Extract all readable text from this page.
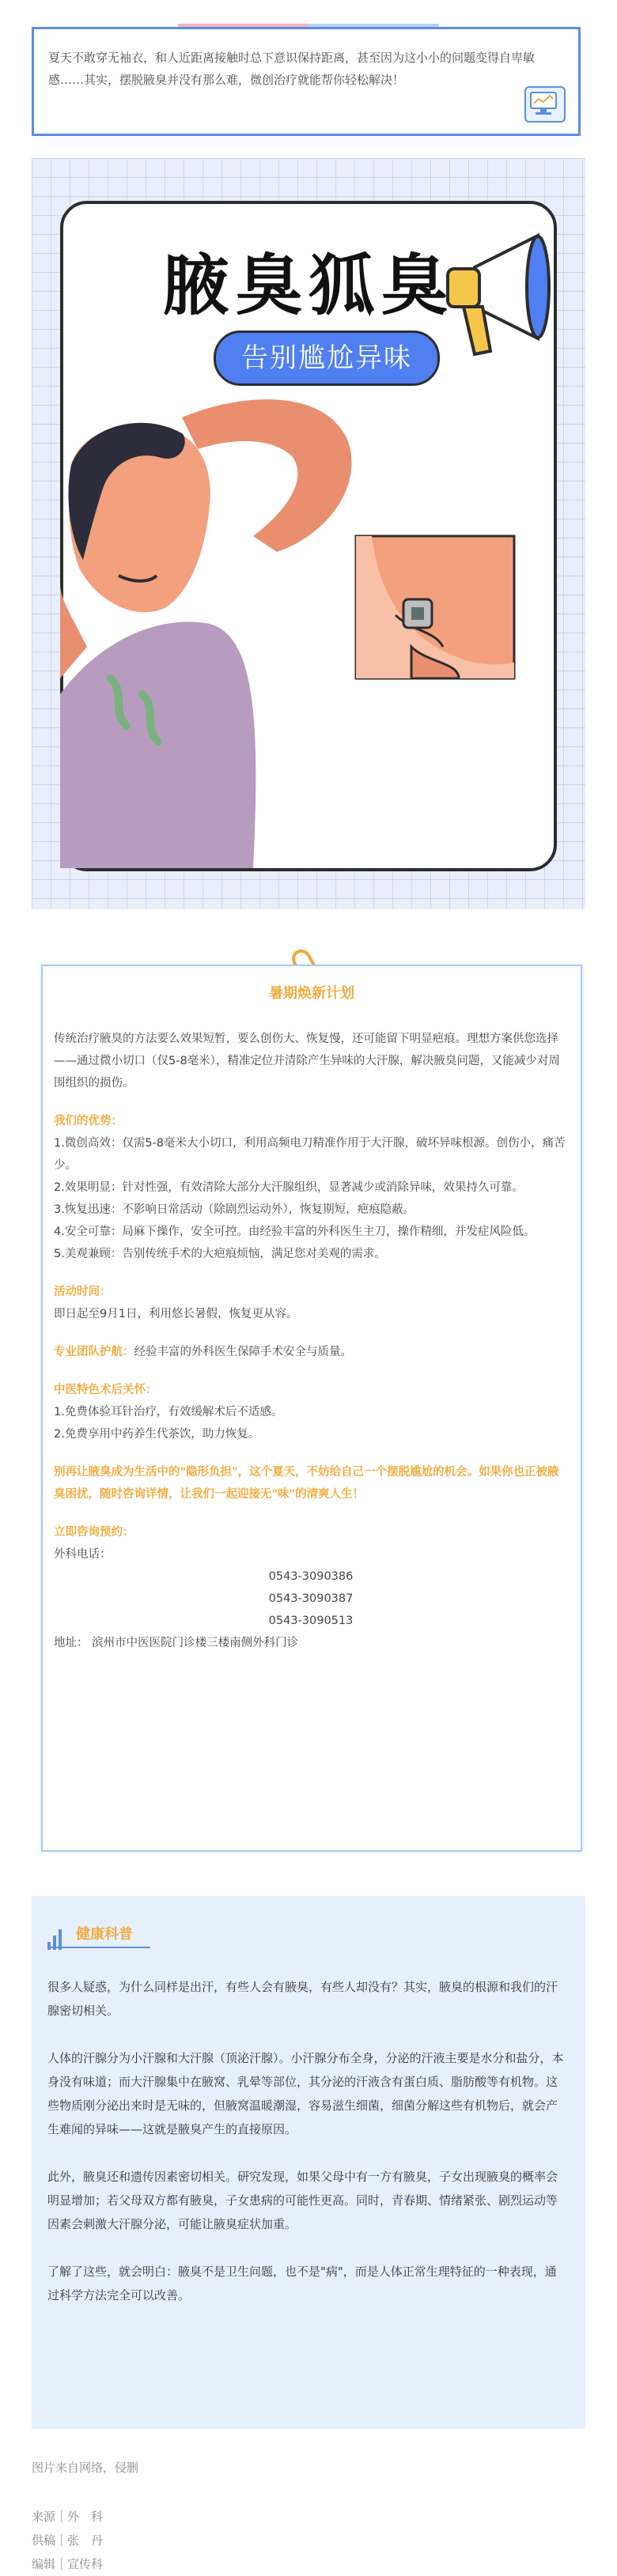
夏天不敢穿无袖衣，和人近距离接触时总下意识保持距离，甚至因为这小小的问题变得自卑敏感……其实，摆脱腋臭并没有那么难，微创治疗就能帮你轻松解决！
腋臭狐臭
告别尴尬异味
暑期焕新计划

传统治疗腋臭的方法要么效果短暂，要么创伤大、恢复慢，还可能留下明显疤痕。理想方案供您选择——通过微小切口（仅5-8毫米），精准定位并清除产生异味的大汗腺，解决腋臭问题，又能减少对周围组织的损伤。

我们的优势：

1.微创高效：仅需5-8毫米大小切口，利用高频电刀精准作用于大汗腺，破坏异味根源。创伤小，痛苦少。

2.效果明显：针对性强，有效清除大部分大汗腺组织，显著减少或消除异味，效果持久可靠。

3.恢复迅速：不影响日常活动（除剧烈运动外），恢复期短，疤痕隐蔽。

4.安全可靠：局麻下操作，安全可控。由经验丰富的外科医生主刀，操作精细，并发症风险低。

5.美观兼顾：告别传统手术的大疤痕烦恼，满足您对美观的需求。

活动时间：

即日起至9月1日，利用悠长暑假，恢复更从容。

专业团队护航：经验丰富的外科医生保障手术安全与质量。

中医特色术后关怀：

1.免费体验耳针治疗，有效缓解术后不适感。

2.免费享用中药养生代茶饮，助力恢复。

别再让腋臭成为生活中的"隐形负担"，这个夏天，不妨给自己一个摆脱尴尬的机会。如果你也正被腋臭困扰，随时咨询详情，让我们一起迎接无"味"的清爽人生！

立即咨询预约：

外科电话：

0543-3090386

0543-3090387

0543-3090513

地址： 滨州市中医医院门诊楼三楼南侧外科门诊

健康科普

很多人疑惑，为什么同样是出汗，有些人会有腋臭，有些人却没有？其实，腋臭的根源和我们的汗腺密切相关。

人体的汗腺分为小汗腺和大汗腺（顶泌汗腺）。小汗腺分布全身，分泌的汗液主要是水分和盐分，本身没有味道；而大汗腺集中在腋窝、乳晕等部位，其分泌的汗液含有蛋白质、脂肪酸等有机物。这些物质刚分泌出来时是无味的，但腋窝温暖潮湿，容易滋生细菌，细菌分解这些有机物后，就会产生难闻的异味——这就是腋臭产生的直接原因。

此外，腋臭还和遗传因素密切相关。研究发现，如果父母中有一方有腋臭，子女出现腋臭的概率会明显增加；若父母双方都有腋臭，子女患病的可能性更高。同时，青春期、情绪紧张、剧烈运动等因素会刺激大汗腺分泌，可能让腋臭症状加重。

了解了这些，就会明白：腋臭不是卫生问题，也不是"病"，而是人体正常生理特征的一种表现，通过科学方法完全可以改善。

图片来自网络，侵删
来源｜外　科
供稿｜张　丹
编辑｜宣传科
